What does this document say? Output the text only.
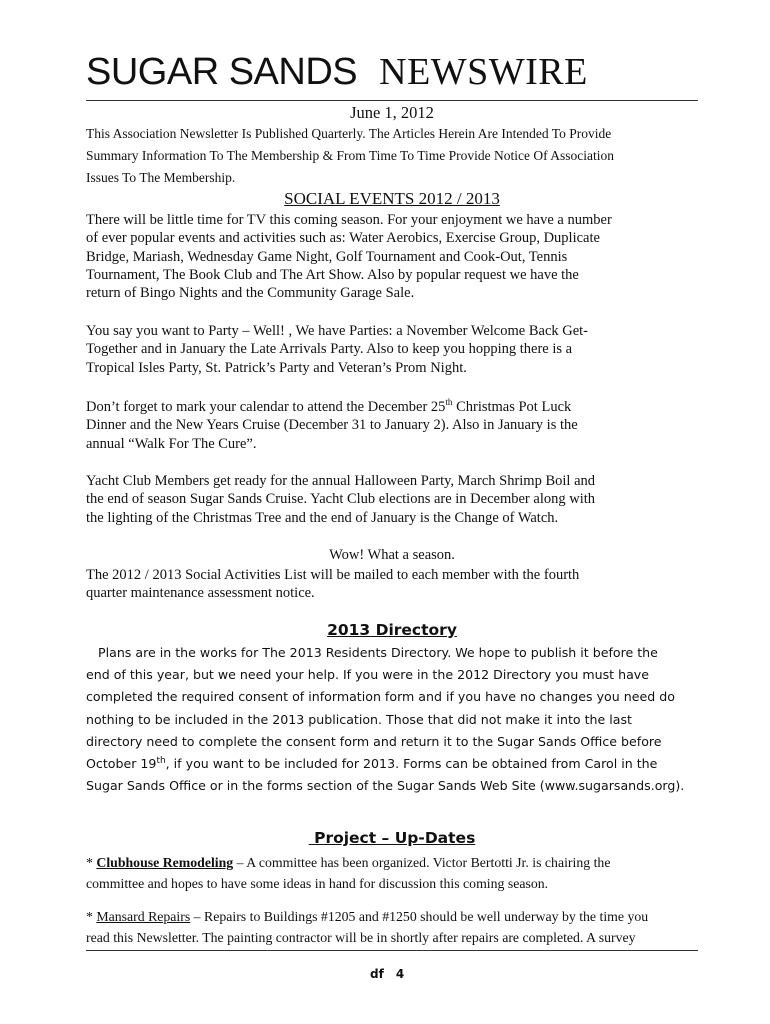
SUGAR SANDS NEWSWIRE
June 1, 2012
This Association Newsletter Is Published Quarterly. The Articles Herein Are Intended To Provide
Summary Information To The Membership & From Time To Time Provide Notice Of Association
Issues To The Membership.
SOCIAL EVENTS 2012 / 2013
There will be little time for TV this coming season. For your enjoyment we have a number
of ever popular events and activities such as: Water Aerobics, Exercise Group, Duplicate
Bridge, Mariash, Wednesday Game Night, Golf Tournament and Cook-Out, Tennis
Tournament, The Book Club and The Art Show. Also by popular request we have the
return of Bingo Nights and the Community Garage Sale.
You say you want to Party – Well! , We have Parties: a November Welcome Back Get-
Together and in January the Late Arrivals Party. Also to keep you hopping there is a
Tropical Isles Party, St. Patrick’s Party and Veteran’s Prom Night.
Don’t forget to mark your calendar to attend the December 25th Christmas Pot Luck
Dinner and the New Years Cruise (December 31 to January 2). Also in January is the
annual “Walk For The Cure”.
Yacht Club Members get ready for the annual Halloween Party, March Shrimp Boil and
the end of season Sugar Sands Cruise. Yacht Club elections are in December along with
the lighting of the Christmas Tree and the end of January is the Change of Watch.
Wow! What a season.
The 2012 / 2013 Social Activities List will be mailed to each member with the fourth
quarter maintenance assessment notice.
2013 Directory
Plans are in the works for The 2013 Residents Directory. We hope to publish it before the
end of this year, but we need your help. If you were in the 2012 Directory you must have
completed the required consent of information form and if you have no changes you need do
nothing to be included in the 2013 publication. Those that did not make it into the last
directory need to complete the consent form and return it to the Sugar Sands Office before
October 19th, if you want to be included for 2013. Forms can be obtained from Carol in the
Sugar Sands Office or in the forms section of the Sugar Sands Web Site (www.sugarsands.org).
Project – Up-Dates
* Clubhouse Remodeling – A committee has been organized. Victor Bertotti Jr. is chairing the
committee and hopes to have some ideas in hand for discussion this coming season.
* Mansard Repairs – Repairs to Buildings #1205 and #1250 should be well underway by the time you
read this Newsletter. The painting contractor will be in shortly after repairs are completed. A survey
df 4
